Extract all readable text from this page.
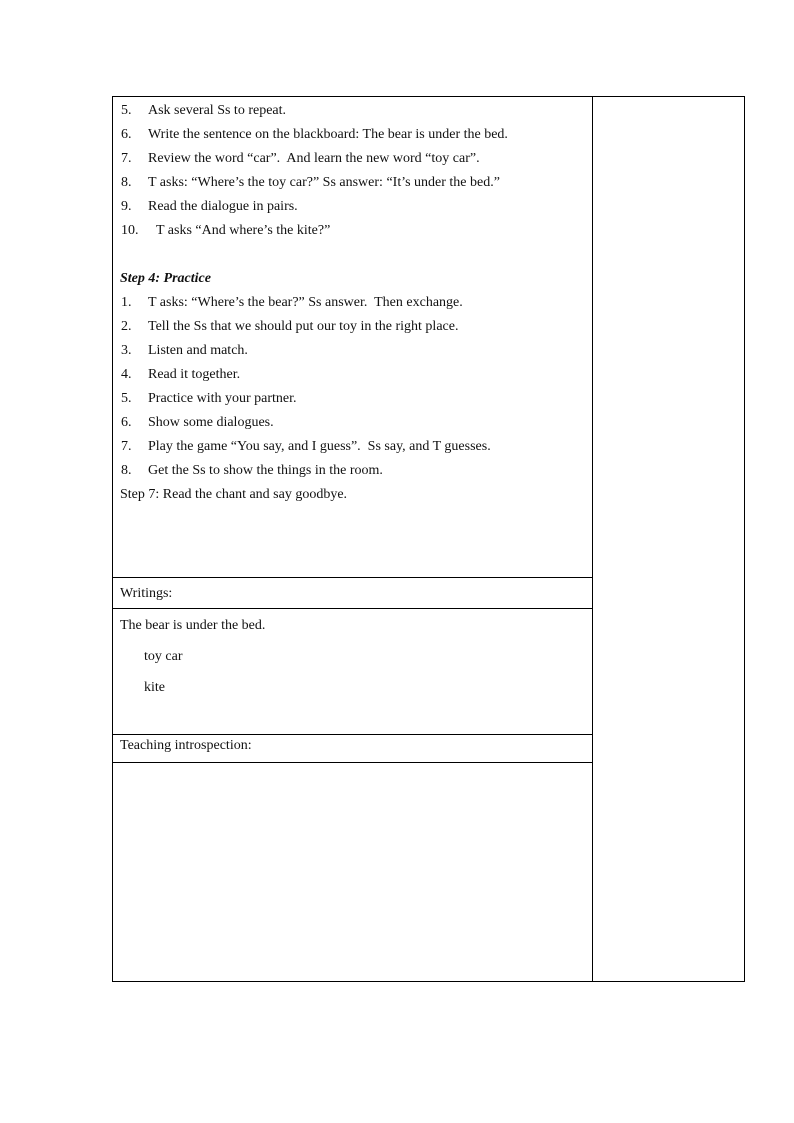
5. Ask several Ss to repeat.
6. Write the sentence on the blackboard: The bear is under the bed.
7. Review the word “car”.  And learn the new word “toy car”.
8. T asks: “Where’s the toy car?” Ss answer: “It’s under the bed.”
9. Read the dialogue in pairs.
10. T asks “And where’s the kite?”
Step 4: Practice
1. T asks: “Where’s the bear?” Ss answer.  Then exchange.
2. Tell the Ss that we should put our toy in the right place.
3. Listen and match.
4. Read it together.
5. Practice with your partner.
6. Show some dialogues.
7. Play the game “You say, and I guess”.  Ss say, and T guesses.
8. Get the Ss to show the things in the room.
Step 7: Read the chant and say goodbye.
Writings:
The bear is under the bed.
toy car
kite
Teaching introspection:
